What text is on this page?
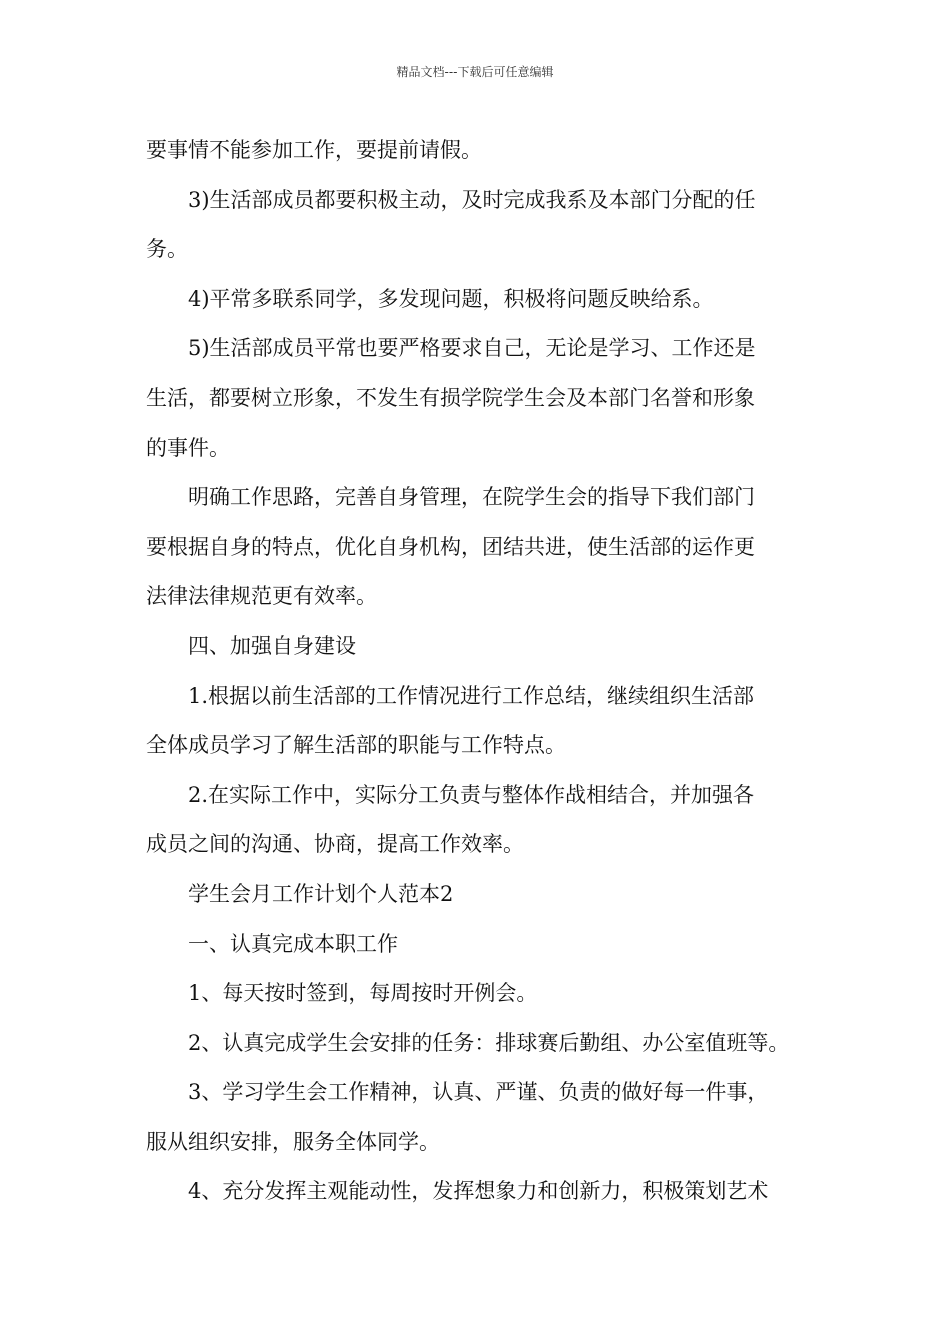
精品文档---下载后可任意编辑
要事情不能参加工作，要提前请假。
3)生活部成员都要积极主动，及时完成我系及本部门分配的任
务。
4)平常多联系同学，多发现问题，积极将问题反映给系。
5)生活部成员平常也要严格要求自己，无论是学习、工作还是
生活，都要树立形象，不发生有损学院学生会及本部门名誉和形象
的事件。
明确工作思路，完善自身管理，在院学生会的指导下我们部门
要根据自身的特点，优化自身机构，团结共进，使生活部的运作更
法律法律规范更有效率。
四、加强自身建设
1.根据以前生活部的工作情况进行工作总结，继续组织生活部
全体成员学习了解生活部的职能与工作特点。
2.在实际工作中，实际分工负责与整体作战相结合，并加强各
成员之间的沟通、协商，提高工作效率。
学生会月工作计划个人范本2
一、认真完成本职工作
1、每天按时签到，每周按时开例会。
2、认真完成学生会安排的任务：排球赛后勤组、办公室值班等。
3、学习学生会工作精神，认真、严谨、负责的做好每一件事，
服从组织安排，服务全体同学。
4、充分发挥主观能动性，发挥想象力和创新力，积极策划艺术
